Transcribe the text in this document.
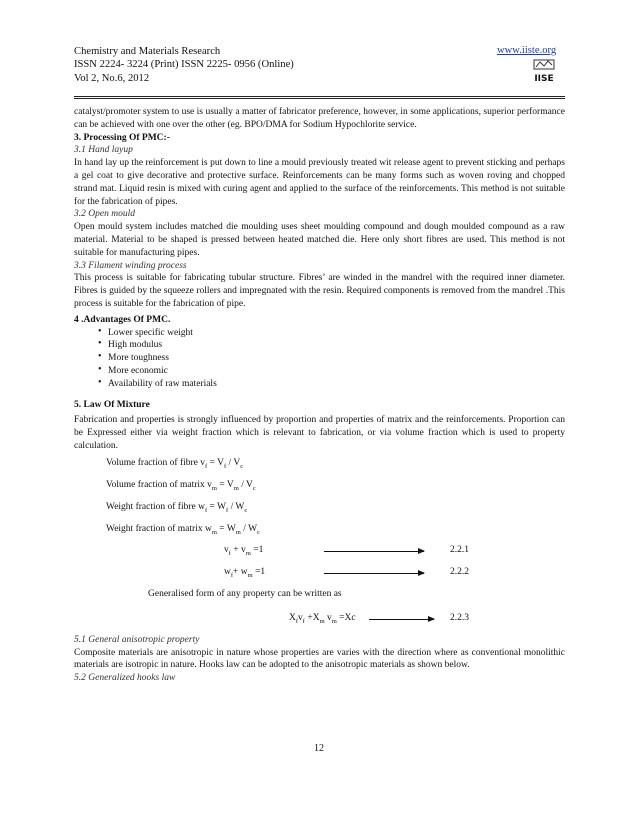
Chemistry and Materials Research
ISSN 2224- 3224 (Print) ISSN 2225- 0956 (Online)
Vol 2, No.6, 2012
www.iiste.org
IISE

catalyst/promoter system to use is usually a matter of fabricator preference, however, in some applications, superior performance can be achieved with one over the other (eg. BPO/DMA for Sodium Hypochlorite service.

3. Processing Of PMC:-

3.1 Hand layup

In hand lay up the reinforcement is put down to line a mould previously treated wit release agent to prevent sticking and perhaps a gel coat to give decorative and protective surface. Reinforcements can be many forms such as woven roving and chopped strand mat. Liquid resin is mixed with curing agent and applied to the surface of the reinforcements. This method is not suitable for the fabrication of pipes.

3.2 Open mould

Open mould system includes matched die moulding uses sheet moulding compound and dough moulded compound as a raw material. Material to be shaped is pressed between heated matched die. Here only short fibres are used. This method is not suitable for manufacturing pipes.

3.3 Filament winding process

This process is suitable for fabricating tubular structure. Fibres’ are winded in the mandrel with the required inner diameter. Fibres is guided by the squeeze rollers and impregnated with the resin. Required components is removed from the mandrel .This process is suitable for the fabrication of pipe.

4 .Advantages Of PMC.

• Lower specific weight
• High modulus
• More toughness
• More economic
• Availability of raw materials

5. Law Of Mixture

Fabrication and properties is strongly influenced by proportion and properties of matrix and the reinforcements. Proportion can be Expressed either via weight fraction which is relevant to fabrication, or via volume fraction which is used to property calculation.

Volume fraction of fibre $v_f = V_f / V_c$

Volume fraction of matrix $v_m = V_m / V_c$

Weight fraction of fibre $w_f = W_f / W_c$

Weight fraction of matrix $w_m = W_m / W_c$

$v_f + v_m =1$	2.2.1
$w_f+ w_m =1$	2.2.2

Generalised form of any property can be written as

$X_fv_f +X_m$ $v_m =Xc$	2.2.3

5.1 General anisotropic property

Composite materials are anisotropic in nature whose properties are varies with the direction where as conventional monolithic materials are isotropic in nature. Hooks law can be adopted to the anisotropic materials as shown below.

5.2 Generalized hooks law

12
